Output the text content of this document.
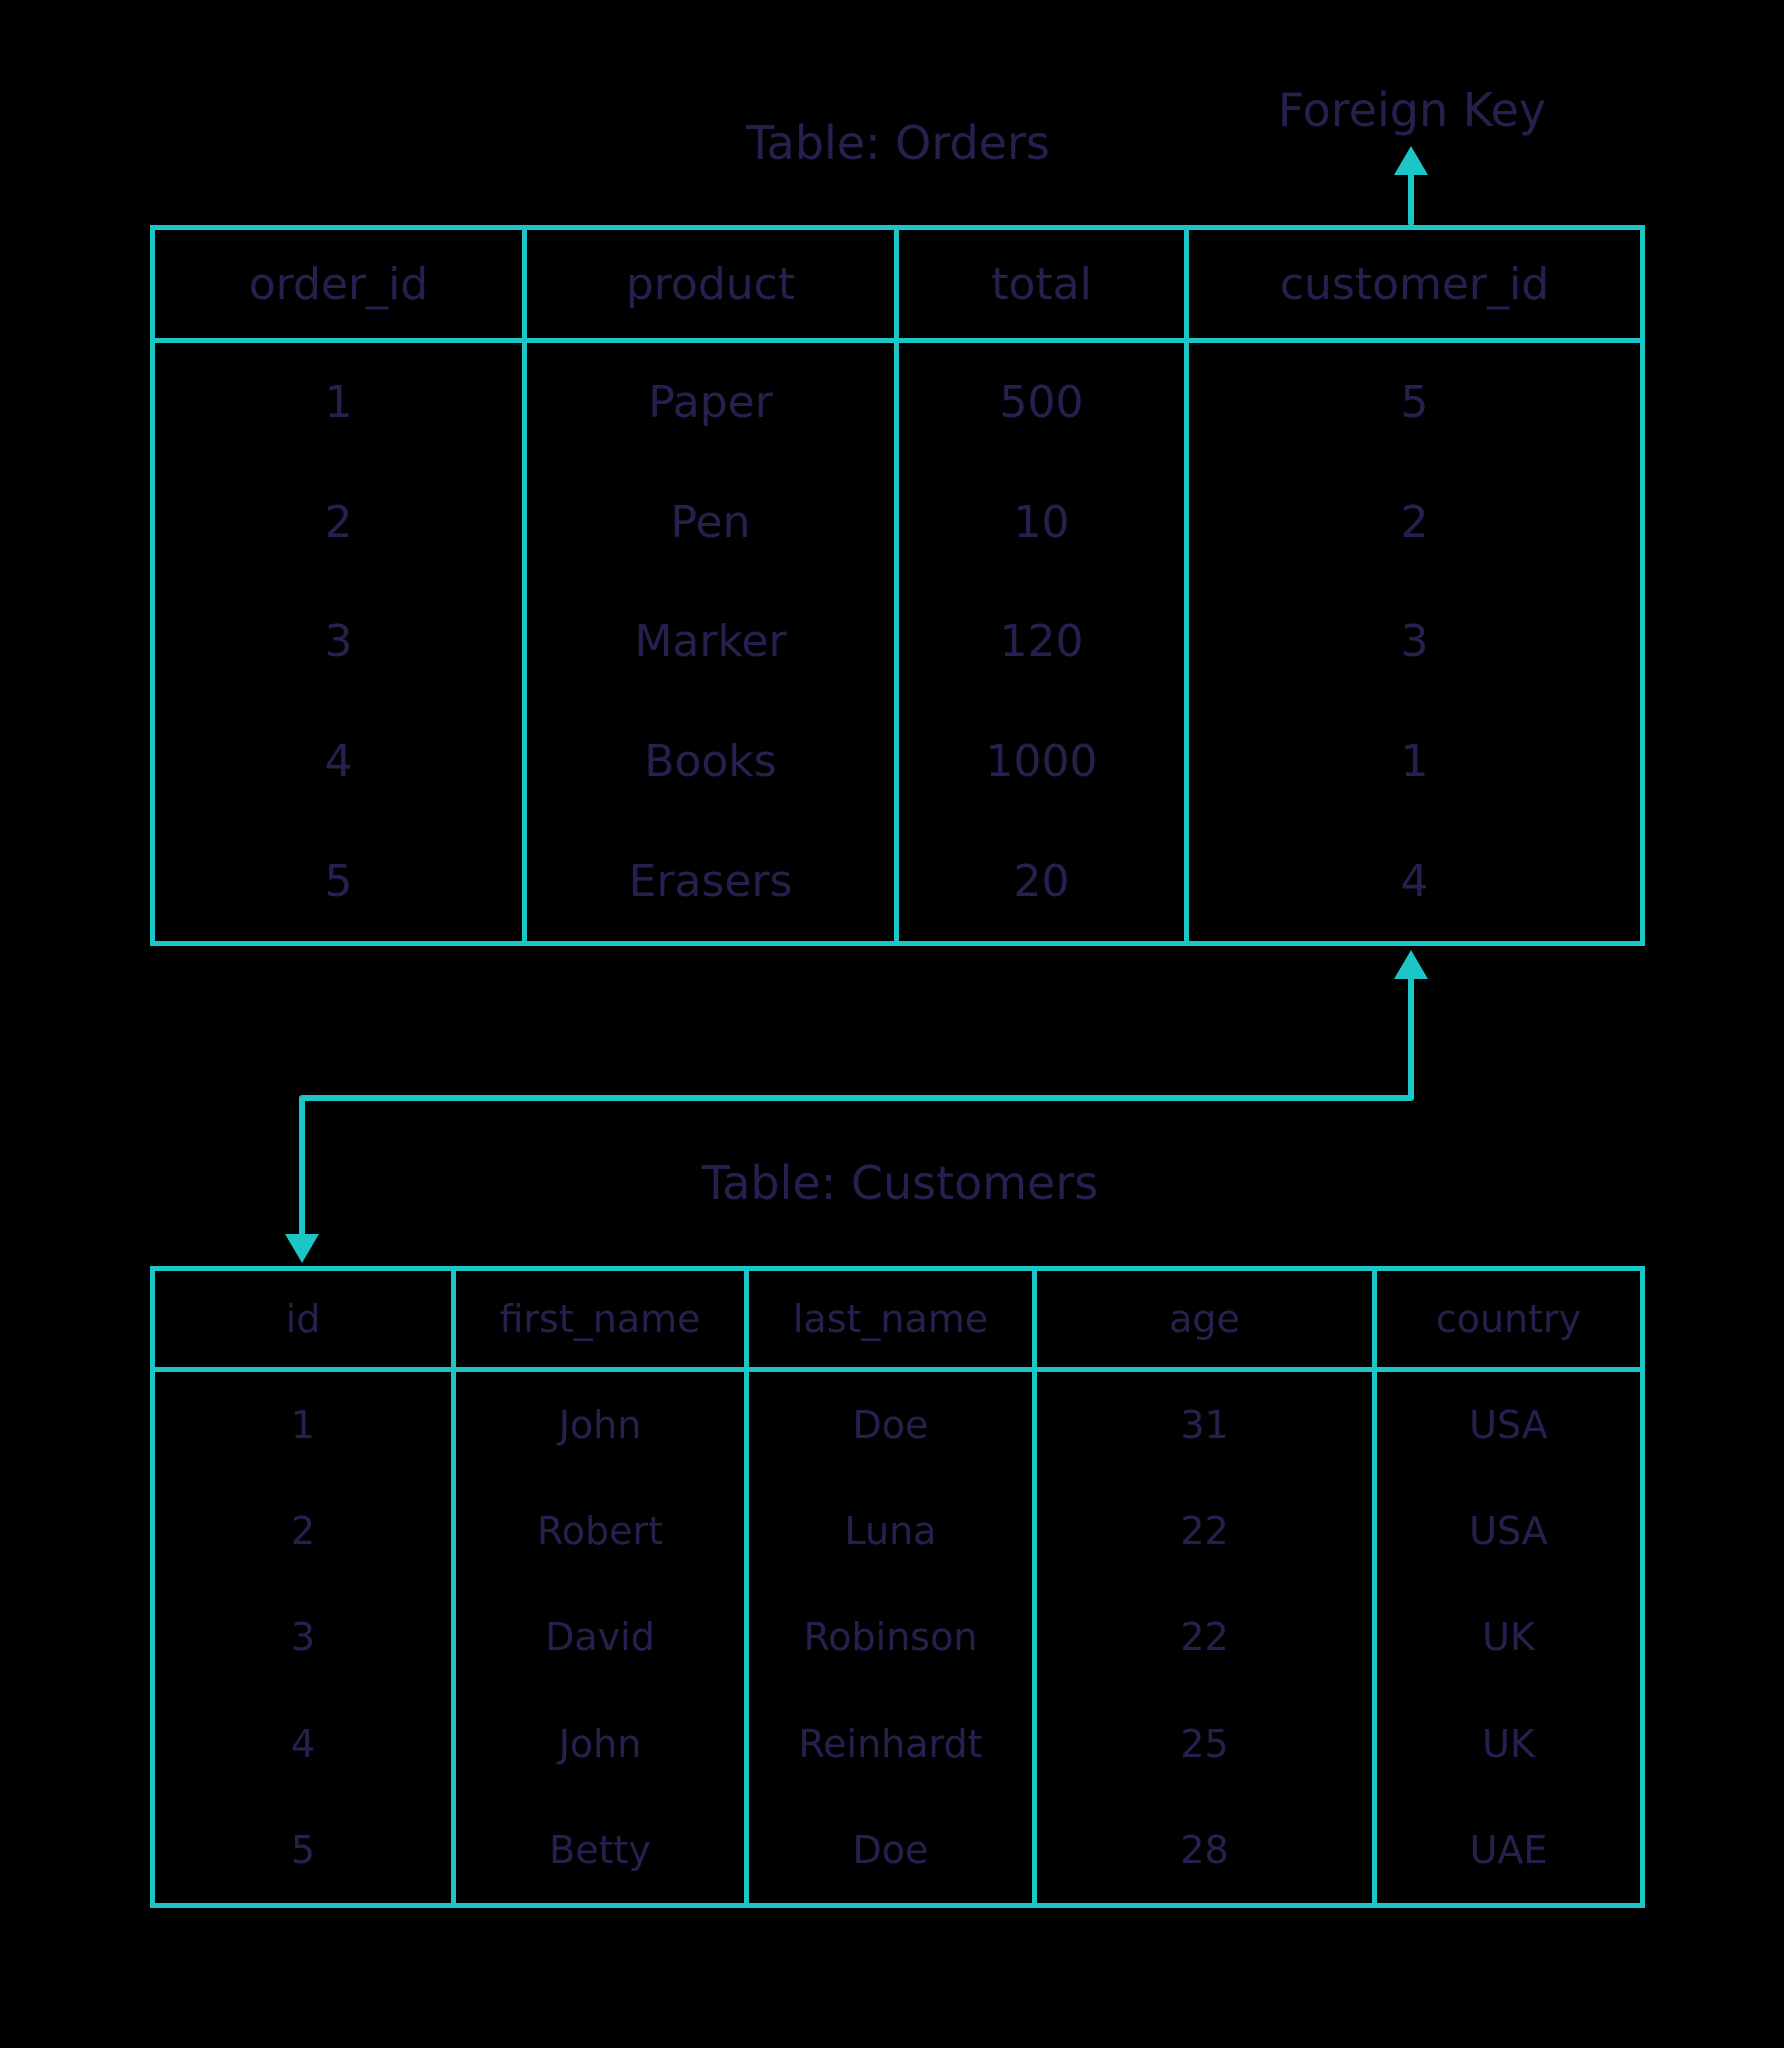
Table: Orders
Foreign Key
Table: Customers
order_id	product	total	customer_id
1	Paper	500	5
2	Pen	10	2
3	Marker	120	3
4	Books	1000	1
5	Erasers	20	4
id	first_name	last_name	age	country
1	John	Doe	31	USA
2	Robert	Luna	22	USA
3	David	Robinson	22	UK
4	John	Reinhardt	25	UK
5	Betty	Doe	28	UAE
